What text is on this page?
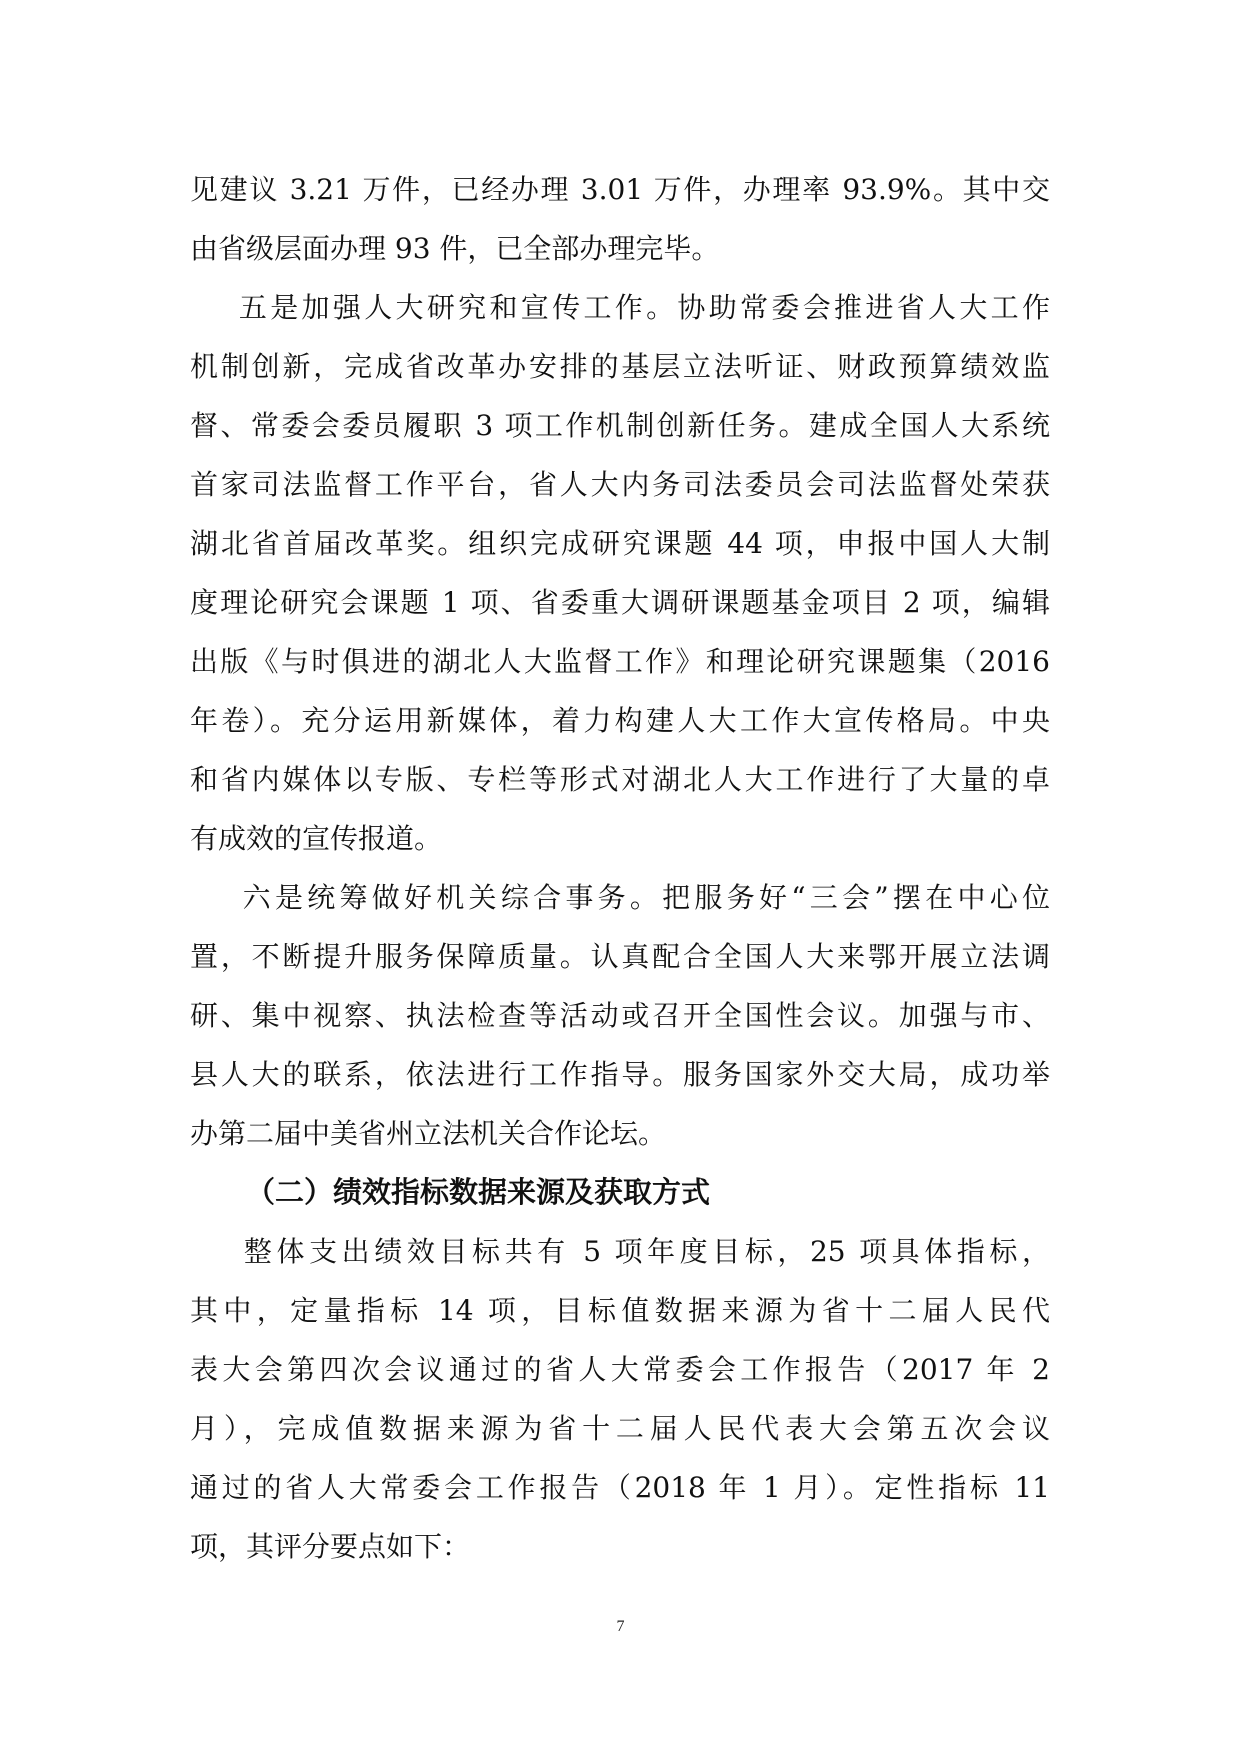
见建议 3.21 万件，已经办理 3.01 万件，办理率 93.9%。其中交
由省级层面办理 93 件，已全部办理完毕。
五是加强人大研究和宣传工作。协助常委会推进省人大工作
机制创新，完成省改革办安排的基层立法听证、财政预算绩效监
督、常委会委员履职 3 项工作机制创新任务。建成全国人大系统
首家司法监督工作平台，省人大内务司法委员会司法监督处荣获
湖北省首届改革奖。组织完成研究课题 44 项，申报中国人大制
度理论研究会课题 1 项、省委重大调研课题基金项目 2 项，编辑
出版《与时俱进的湖北人大监督工作》和理论研究课题集（2016
年卷）。充分运用新媒体，着力构建人大工作大宣传格局。中央
和省内媒体以专版、专栏等形式对湖北人大工作进行了大量的卓
有成效的宣传报道。
六是统筹做好机关综合事务。把服务好“三会”摆在中心位
置，不断提升服务保障质量。认真配合全国人大来鄂开展立法调
研、集中视察、执法检查等活动或召开全国性会议。加强与市、
县人大的联系，依法进行工作指导。服务国家外交大局，成功举
办第二届中美省州立法机关合作论坛。
（二）绩效指标数据来源及获取方式
整体支出绩效目标共有 5 项年度目标，25 项具体指标，
其中，定量指标 14 项，目标值数据来源为省十二届人民代
表大会第四次会议通过的省人大常委会工作报告（2017 年 2
月），完成值数据来源为省十二届人民代表大会第五次会议
通过的省人大常委会工作报告（2018 年 1 月）。定性指标 11
项，其评分要点如下：
7
